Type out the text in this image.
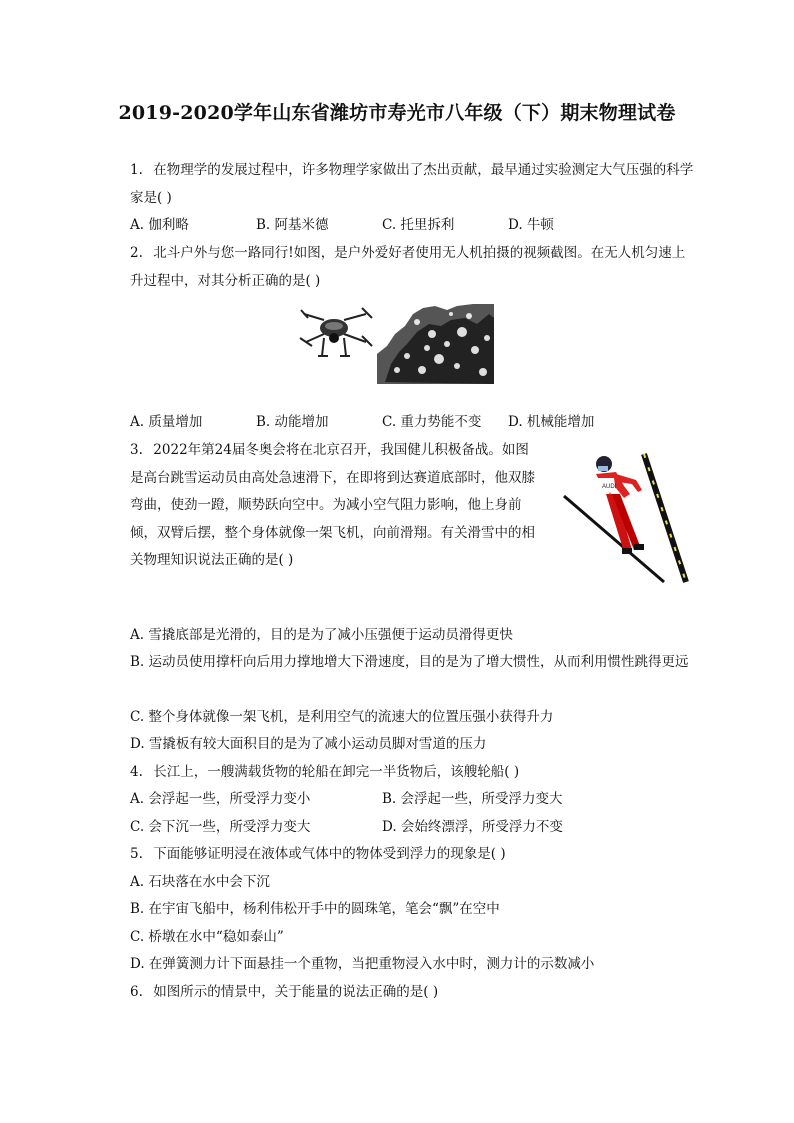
2019-2020学年山东省潍坊市寿光市八年级（下）期末物理试卷
1. 在物理学的发展过程中，许多物理学家做出了杰出贡献，最早通过实验测定大气压强的科学家是( )
A. 伽利略	B. 阿基米德	C. 托里拆利	D. 牛顿
2. 北斗户外与您一路同行!如图，是户外爱好者使用无人机拍摄的视频截图。在无人机匀速上升过程中，对其分析正确的是( )
A. 质量增加	B. 动能增加	C. 重力势能不变 D. 机械能增加
3. 2022年第24届冬奥会将在北京召开，我国健儿积极备战。如图是高台跳雪运动员由高处急速滑下，在即将到达赛道底部时，他双膝弯曲，使劲一蹬，顺势跃向空中。为减小空气阻力影响，他上身前倾，双臂后摆，整个身体就像一架飞机，向前滑翔。有关滑雪中的相关物理知识说法正确的是( )
AUDI
A. 雪撬底部是光滑的，目的是为了减小压强便于运动员滑得更快
B. 运动员使用撑杆向后用力撑地增大下滑速度，目的是为了增大惯性，从而利用惯性跳得更远
C. 整个身体就像一架飞机，是利用空气的流速大的位置压强小获得升力
D. 雪撬板有较大面积目的是为了减小运动员脚对雪道的压力
4. 长江上，一艘满载货物的轮船在卸完一半货物后，该艘轮船( )
A. 会浮起一些，所受浮力变小	B. 会浮起一些，所受浮力变大
C. 会下沉一些，所受浮力变大	D. 会始终漂浮，所受浮力不变
5. 下面能够证明浸在液体或气体中的物体受到浮力的现象是( )
A. 石块落在水中会下沉
B. 在宇宙飞船中，杨利伟松开手中的圆珠笔，笔会“飘”在空中
C. 桥墩在水中“稳如泰山”
D. 在弹簧测力计下面悬挂一个重物，当把重物浸入水中时，测力计的示数减小
6. 如图所示的情景中，关于能量的说法正确的是( )
